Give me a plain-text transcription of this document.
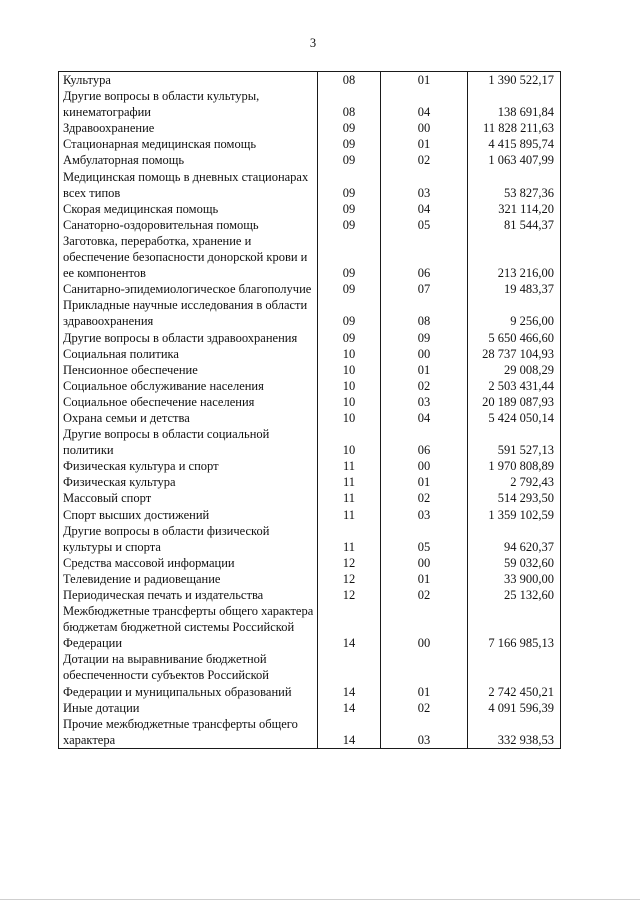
3
Культура	08	01	1 390 522,17
Другие вопросы в области культуры, кинематографии	08	04	138 691,84
Здравоохранение	09	00	11 828 211,63
Стационарная медицинская помощь	09	01	4 415 895,74
Амбулаторная помощь	09	02	1 063 407,99
Медицинская помощь в дневных стационарах всех типов	09	03	53 827,36
Скорая медицинская помощь	09	04	321 114,20
Санаторно-оздоровительная помощь	09	05	81 544,37
Заготовка, переработка, хранение и обеспечение безопасности донорской крови и ее компонентов	09	06	213 216,00
Санитарно-эпидемиологическое благополучие	09	07	19 483,37
Прикладные научные исследования в области здравоохранения	09	08	9 256,00
Другие вопросы в области здравоохранения	09	09	5 650 466,60
Социальная политика	10	00	28 737 104,93
Пенсионное обеспечение	10	01	29 008,29
Социальное обслуживание населения	10	02	2 503 431,44
Социальное обеспечение населения	10	03	20 189 087,93
Охрана семьи и детства	10	04	5 424 050,14
Другие вопросы в области социальной политики	10	06	591 527,13
Физическая культура и спорт	11	00	1 970 808,89
Физическая культура	11	01	2 792,43
Массовый спорт	11	02	514 293,50
Спорт высших достижений	11	03	1 359 102,59
Другие вопросы в области физической культуры и спорта	11	05	94 620,37
Средства массовой информации	12	00	59 032,60
Телевидение и радиовещание	12	01	33 900,00
Периодическая печать и издательства	12	02	25 132,60
Межбюджетные трансферты общего характера бюджетам бюджетной системы Российской Федерации	14	00	7 166 985,13
Дотации на выравнивание бюджетной обеспеченности субъектов Российской Федерации и муниципальных образований	14	01	2 742 450,21
Иные дотации	14	02	4 091 596,39
Прочие межбюджетные трансферты общего характера	14	03	332 938,53
